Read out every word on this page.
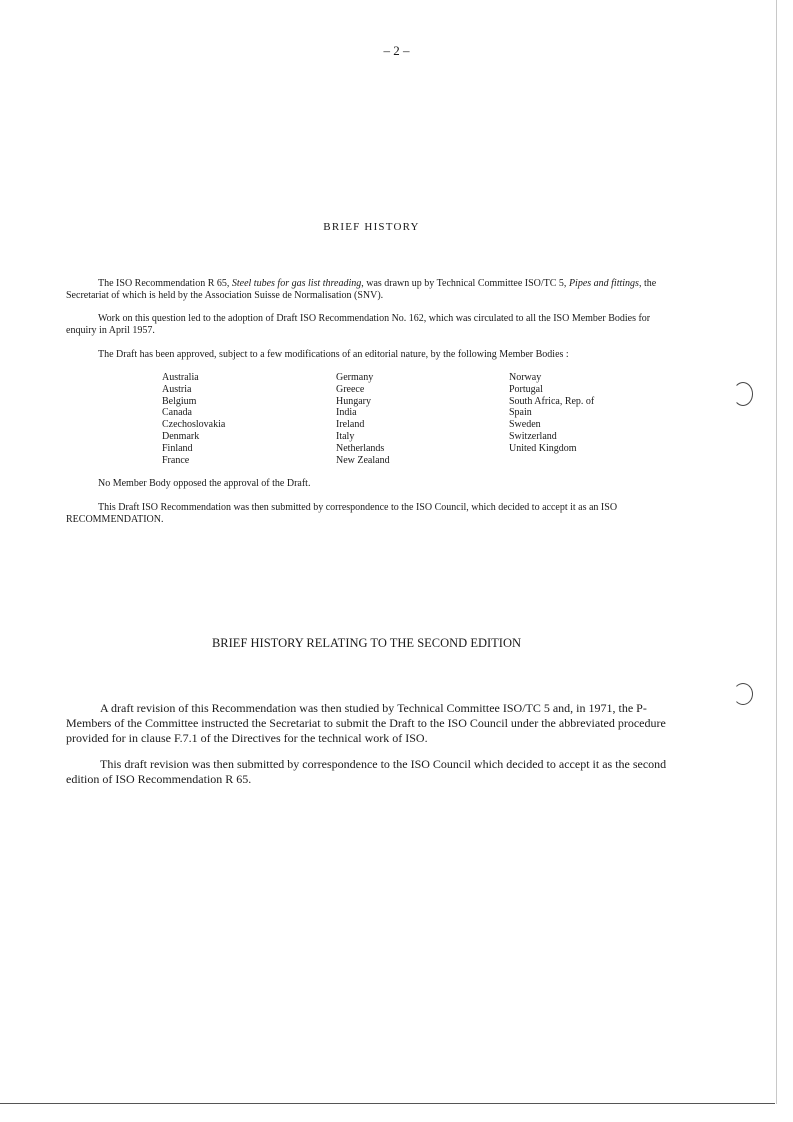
– 2 –
BRIEF HISTORY
The ISO Recommendation R 65, Steel tubes for gas list threading, was drawn up by Technical Committee ISO/TC 5, Pipes and fittings, the Secretariat of which is held by the Association Suisse de Normalisation (SNV).
Work on this question led to the adoption of Draft ISO Recommendation No. 162, which was circulated to all the ISO Member Bodies for enquiry in April 1957.
The Draft has been approved, subject to a few modifications of an editorial nature, by the following Member Bodies :
Australia
Austria
Belgium
Canada
Czechoslovakia
Denmark
Finland
France
Germany
Greece
Hungary
India
Ireland
Italy
Netherlands
New Zealand
Norway
Portugal
South Africa, Rep. of
Spain
Sweden
Switzerland
United Kingdom
No Member Body opposed the approval of the Draft.
This Draft ISO Recommendation was then submitted by correspondence to the ISO Council, which decided to accept it as an ISO RECOMMENDATION.
BRIEF HISTORY RELATING TO THE SECOND EDITION
A draft revision of this Recommendation was then studied by Technical Committee ISO/TC 5 and, in 1971, the P-Members of the Committee instructed the Secretariat to submit the Draft to the ISO Council under the abbreviated procedure provided for in clause F.7.1 of the Directives for the technical work of ISO.
This draft revision was then submitted by correspondence to the ISO Council which decided to accept it as the second edition of ISO Recommendation R 65.
